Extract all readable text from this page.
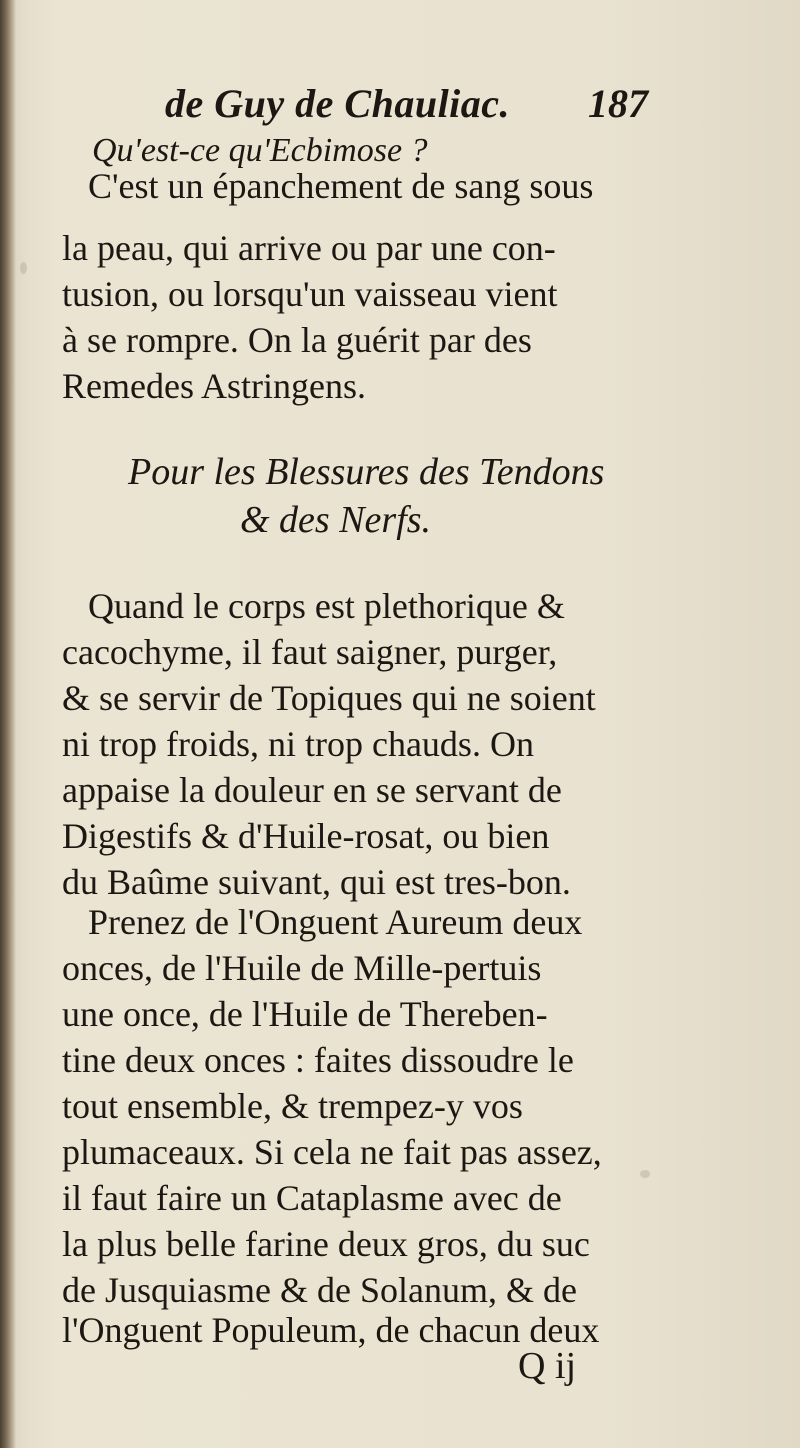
de Guy de Chauliac. 187
Qu'est-ce qu'Ecbimose ?
C'est un épanchement de sang sous
la peau, qui arrive ou par une con-
tusion, ou lorsqu'un vaisseau vient
à se rompre. On la guérit par des
Remedes Astringens.
Pour les Blessures des Tendons
& des Nerfs.
Quand le corps est plethorique &
cacochyme, il faut saigner, purger,
& se servir de Topiques qui ne soient
ni trop froids, ni trop chauds. On
appaise la douleur en se servant de
Digestifs & d'Huile-rosat, ou bien
du Baûme suivant, qui est tres-bon.
Prenez de l'Onguent Aureum deux
onces, de l'Huile de Mille-pertuis
une once, de l'Huile de Thereben-
tine deux onces : faites dissoudre le
tout ensemble, & trempez-y vos
plumaceaux. Si cela ne fait pas assez,
il faut faire un Cataplasme avec de
la plus belle farine deux gros, du suc
de Jusquiasme & de Solanum, & de
l'Onguent Populeum, de chacun deux
Q ij
